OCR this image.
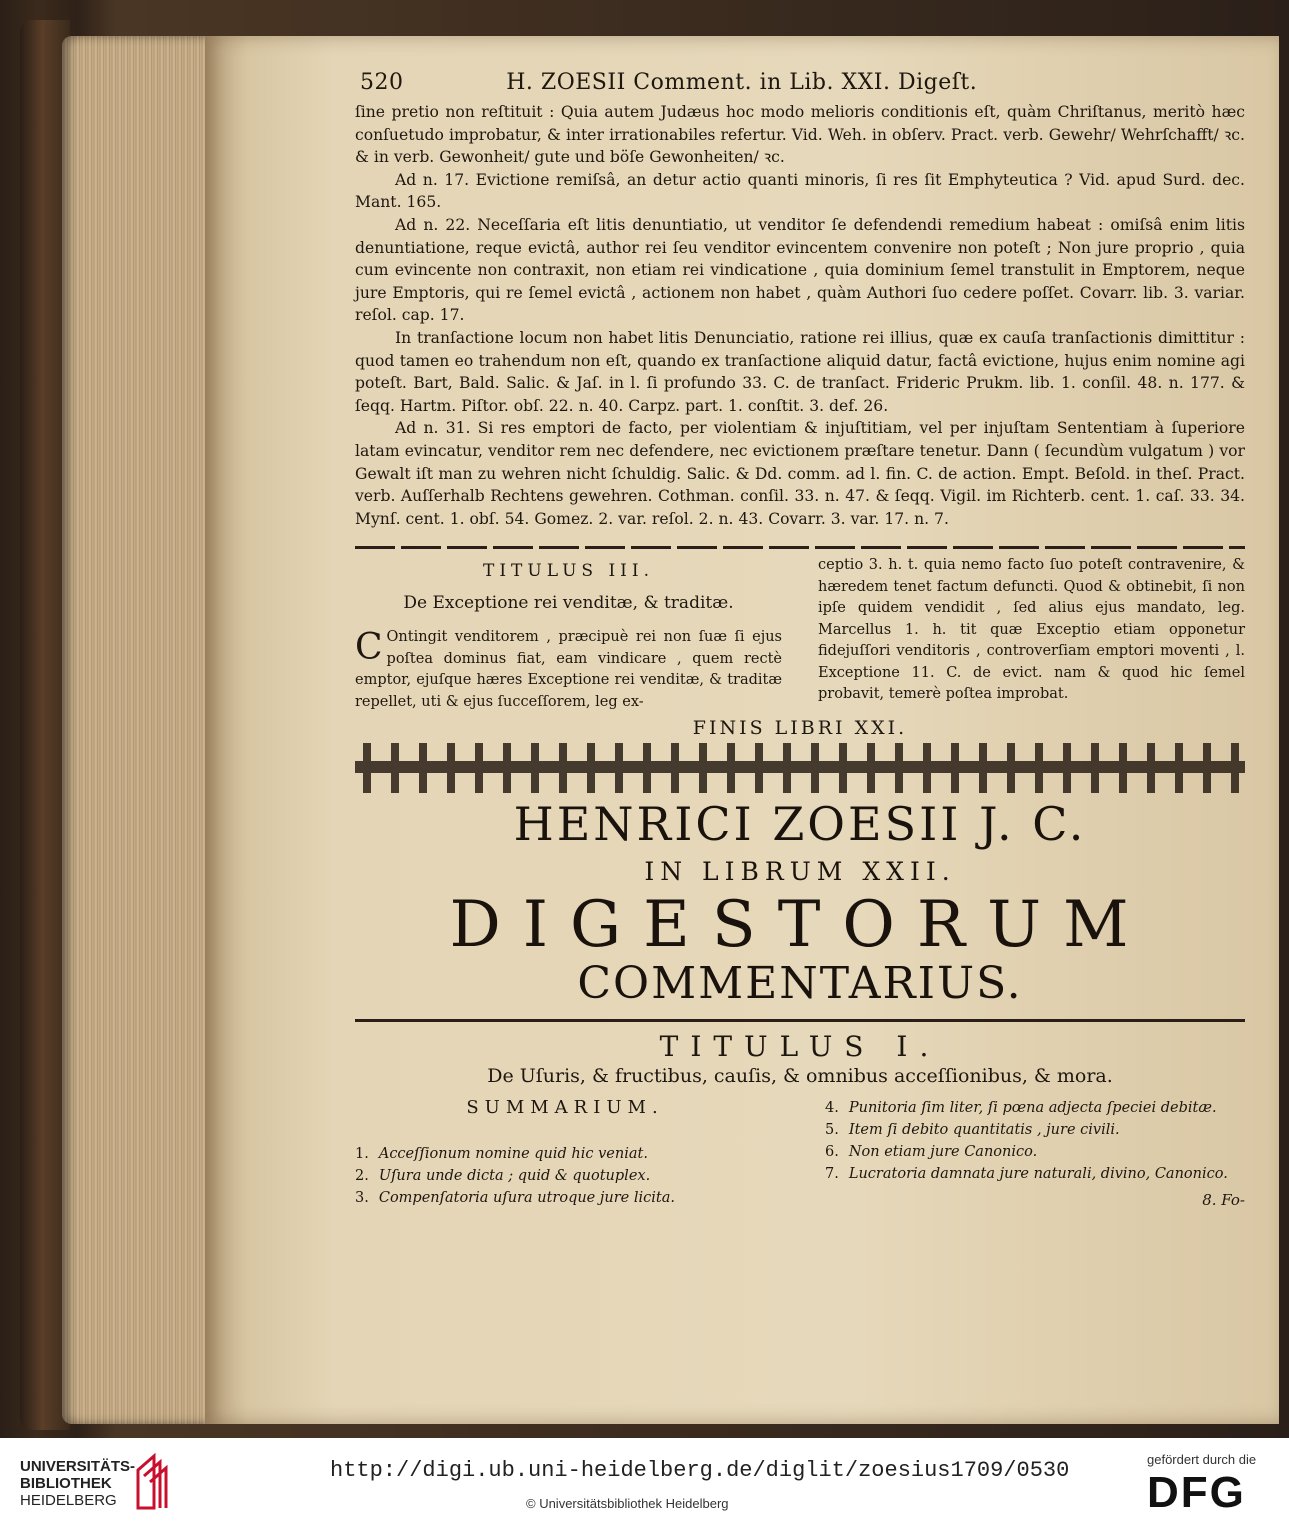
520	H. ZOESII Comment. in Lib. XXI. Digeſt.

ſine pretio non reſtituit : Quia autem Judæus hoc modo melioris conditionis eſt, quàm Chriſtanus, meritò hæc conſuetudo improbatur, & inter irrationabiles refertur. Vid. Weh. in obſerv. Pract. verb. Gewehr/ Wehrſchafft/ ꝛc. & in verb. Gewonheit/ gute und böſe Gewonheiten/ ꝛc.

Ad n. 17. Evictione remiſsâ, an detur actio quanti minoris, ſi res ſit Emphyteutica ? Vid. apud Surd. dec. Mant. 165.

Ad n. 22. Neceſſaria eſt litis denuntiatio, ut venditor ſe defendendi remedium habeat : omiſsâ enim litis denuntiatione, reque evictâ, author rei ſeu venditor evincentem convenire non poteſt ; Non jure proprio , quia cum evincente non contraxit, non etiam rei vindicatione , quia dominium ſemel transtulit in Emptorem, neque jure Emptoris, qui re ſemel evictâ , actionem non habet , quàm Authori ſuo cedere poſſet. Covarr. lib. 3. variar. reſol. cap. 17.

In tranſactione locum non habet litis Denunciatio, ratione rei illius, quæ ex cauſa tranſactionis dimittitur : quod tamen eo trahendum non eſt, quando ex tranſactione aliquid datur, factâ evictione, hujus enim nomine agi poteſt. Bart, Bald. Salic. & Jaſ. in l. ſi profundo 33. C. de tranſact. Frideric Prukm. lib. 1. conſil. 48. n. 177. & ſeqq. Hartm. Piſtor. obſ. 22. n. 40. Carpz. part. 1. conſtit. 3. def. 26.

Ad n. 31. Si res emptori de facto, per violentiam & injuſtitiam, vel per injuſtam Sententiam à ſuperiore latam evincatur, venditor rem nec defendere, nec evictionem præſtare tenetur. Dann ( ſecundùm vulgatum ) vor Gewalt iſt man zu wehren nicht ſchuldig. Salic. & Dd. comm. ad l. fin. C. de action. Empt. Beſold. in theſ. Pract. verb. Auſſerhalb Rechtens gewehren. Cothman. conſil. 33. n. 47. & ſeqq. Vigil. im Richterb. cent. 1. caſ. 33. 34. Mynſ. cent. 1. obſ. 54. Gomez. 2. var. reſol. 2. n. 43. Covarr. 3. var. 17. n. 7.

TITULUS III.
De Exceptione rei venditæ, & traditæ.

C Ontingit venditorem , præcipuè rei non ſuæ ſi ejus poſtea dominus fiat, eam vindicare , quem rectè emptor, ejuſque hæres Exceptione rei venditæ, & traditæ repellet, uti & ejus ſucceſſorem, leg ex-

ceptio 3. h. t. quia nemo facto ſuo poteſt contravenire, & hæredem tenet factum defuncti. Quod & obtinebit, ſi non ipſe quidem vendidit , ſed alius ejus mandato, leg. Marcellus 1. h. tit quæ Exceptio etiam opponetur fidejuſſori venditoris , controverſiam emptori moventi , l. Exceptione 11. C. de evict. nam & quod hic ſemel probavit, temerè poſtea improbat.

FINIS LIBRI XXI.
HENRICI ZOESII J. C.
IN LIBRUM XXII.
DIGESTORUM
COMMENTARIUS.
TITULUS I.
De Uſuris, & fructibus, cauſis, & omnibus acceſſionibus, & mora.
SUMMARIUM.
1. Acceſſionum nomine quid hic veniat.
2. Uſura unde dicta ; quid & quotuplex.
3. Compenſatoria uſura utroque jure licita.
4. Punitoria ſim liter, ſi pœna adjecta ſpeciei debitæ.
5. Item ſi debito quantitatis , jure civili.
6. Non etiam jure Canonico.
7. Lucratoria damnata jure naturali, divino, Canonico.
8. Fo-
UNIVERSITÄTS-
BIBLIOTHEK
HEIDELBERG
http://digi.ub.uni-heidelberg.de/diglit/zoesius1709/0530
© Universitätsbibliothek Heidelberg
gefördert durch die
DFG
